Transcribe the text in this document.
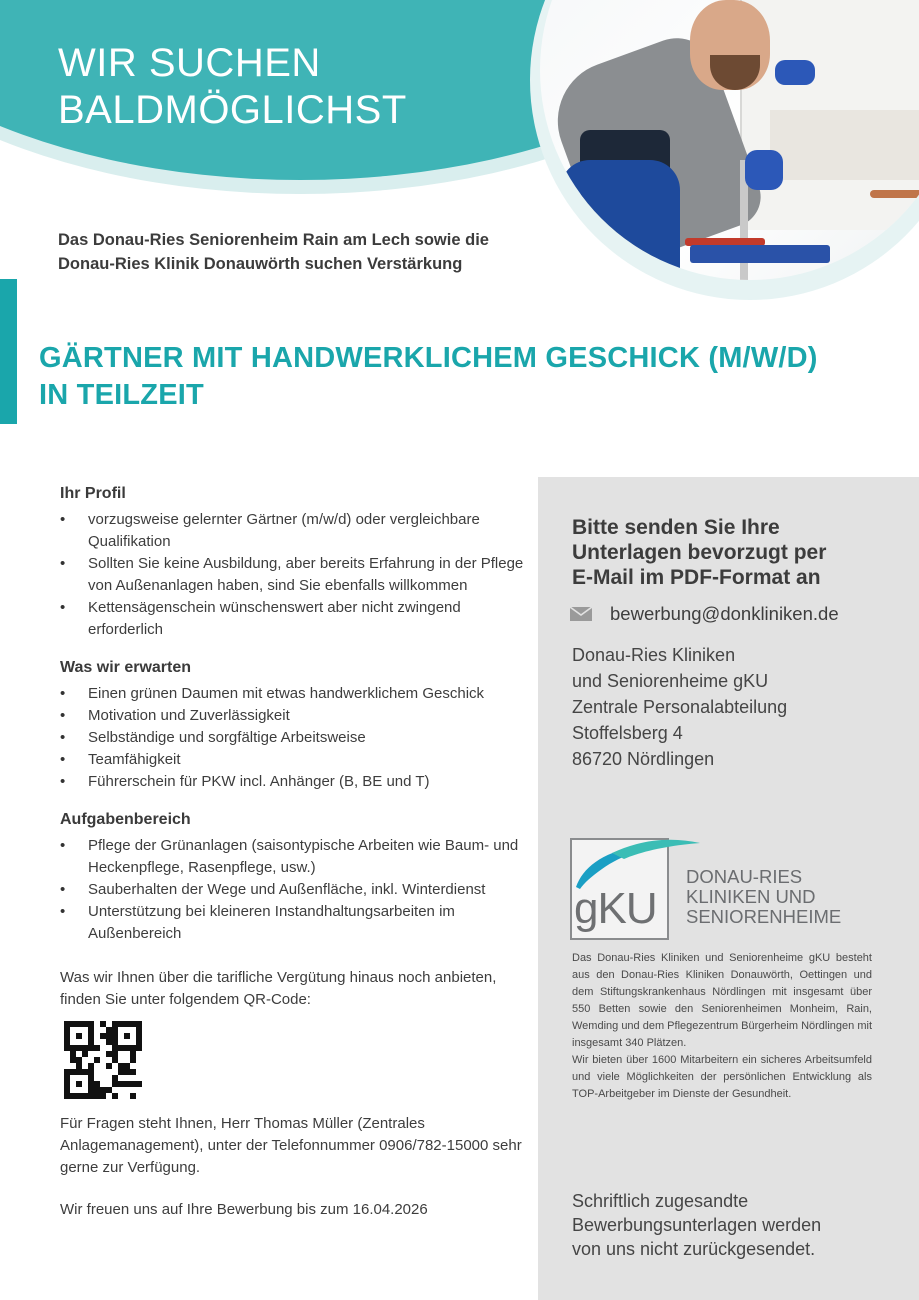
WIR SUCHEN
BALDMÖGLICHST

Das Donau-Ries Seniorenheim Rain am Lech sowie die
Donau-Ries Klinik Donauwörth suchen Verstärkung

GÄRTNER MIT HANDWERKLICHEM GESCHICK (M/W/D)
IN TEILZEIT
Ihr Profil
• vorzugsweise gelernter Gärtner (m/w/d) oder vergleichbare Qualifikation
• Sollten Sie keine Ausbildung, aber bereits Erfahrung in der Pflege von Außenanlagen haben, sind Sie ebenfalls willkommen
• Kettensägenschein wünschenswert aber nicht zwingend erforderlich
Was wir erwarten
• Einen grünen Daumen mit etwas handwerklichem Geschick
• Motivation und Zuverlässigkeit
• Selbständige und sorgfältige Arbeitsweise
• Teamfähigkeit
• Führerschein für PKW incl. Anhänger (B, BE und T)
Aufgabenbereich
• Pflege der Grünanlagen (saisontypische Arbeiten wie Baum- und Heckenpflege, Rasenpflege, usw.)
• Sauberhalten der Wege und Außenfläche, inkl. Winterdienst
• Unterstützung bei kleineren Instandhaltungsarbeiten im Außenbereich

Was wir Ihnen über die tarifliche Vergütung hinaus noch anbieten, finden Sie unter folgendem QR-Code:

Für Fragen steht Ihnen, Herr Thomas Müller (Zentrales Anlagemanagement), unter der Telefonnummer 0906/782-15000 sehr gerne zur Verfügung.

Wir freuen uns auf Ihre Bewerbung bis zum 16.04.2026

Bitte senden Sie Ihre
Unterlagen bevorzugt per
E-Mail im PDF-Format an
bewerbung@donkliniken.de
Donau-Ries Kliniken
und Seniorenheime gKU
Zentrale Personalabteilung
Stoffelsberg 4
86720 Nördlingen
gKU
DONAU-RIES
KLINIKEN UND
SENIORENHEIME

Das Donau-Ries Kliniken und Seniorenheime gKU besteht aus den Donau-Ries Kliniken Donauwörth, Oettingen und dem Stiftungskrankenhaus Nördlingen mit insgesamt über 550 Betten sowie den Seniorenheimen Monheim, Rain, Wemding und dem Pflegezentrum Bürgerheim Nördlingen mit insgesamt 340 Plätzen.

Wir bieten über 1600 Mitarbeitern ein sicheres Arbeitsumfeld und viele Möglichkeiten der persönlichen Entwicklung als TOP-Arbeitgeber im Dienste der Gesundheit.

Schriftlich zugesandte
Bewerbungsunterlagen werden
von uns nicht zurückgesendet.
